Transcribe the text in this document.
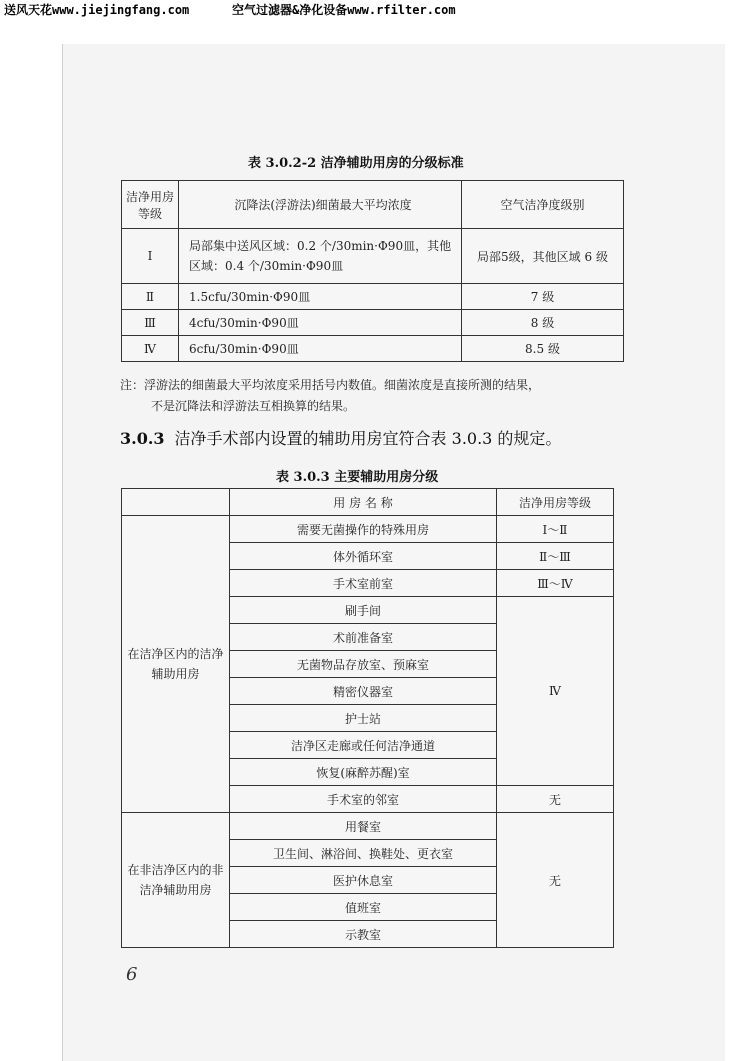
送风天花www.jiejingfang.com	空气过滤器&净化设备www.rfilter.com
表 3.0.2-2 洁净辅助用房的分级标准
洁净用房等级	沉降法(浮游法)细菌最大平均浓度	空气洁净度级别
Ⅰ	局部集中送风区域：0.2 个/30min·Φ90皿，其他区域：0.4 个/30min·Φ90皿	局部5级，其他区域 6 级
Ⅱ	1.5cfu/30min·Φ90皿	7 级
Ⅲ	4cfu/30min·Φ90皿	8 级
Ⅳ	6cfu/30min·Φ90皿	8.5 级
注：浮游法的细菌最大平均浓度采用括号内数值。细菌浓度是直接所测的结果，
不是沉降法和浮游法互相换算的结果。
3.0.3 洁净手术部内设置的辅助用房宜符合表 3.0.3 的规定。
表 3.0.3 主要辅助用房分级
	用 房 名 称	洁净用房等级
在洁净区内的洁净辅助用房	需要无菌操作的特殊用房	Ⅰ～Ⅱ
	体外循环室	Ⅱ～Ⅲ
	手术室前室	Ⅲ～Ⅳ
	刷手间	Ⅳ
	术前准备室	
	无菌物品存放室、预麻室	
	精密仪器室	
	护士站	
	洁净区走廊或任何洁净通道	
	恢复(麻醉苏醒)室	
	手术室的邻室	无
在非洁净区内的非洁净辅助用房	用餐室	无
	卫生间、淋浴间、换鞋处、更衣室	
	医护休息室	
	值班室	
	示教室	
6
